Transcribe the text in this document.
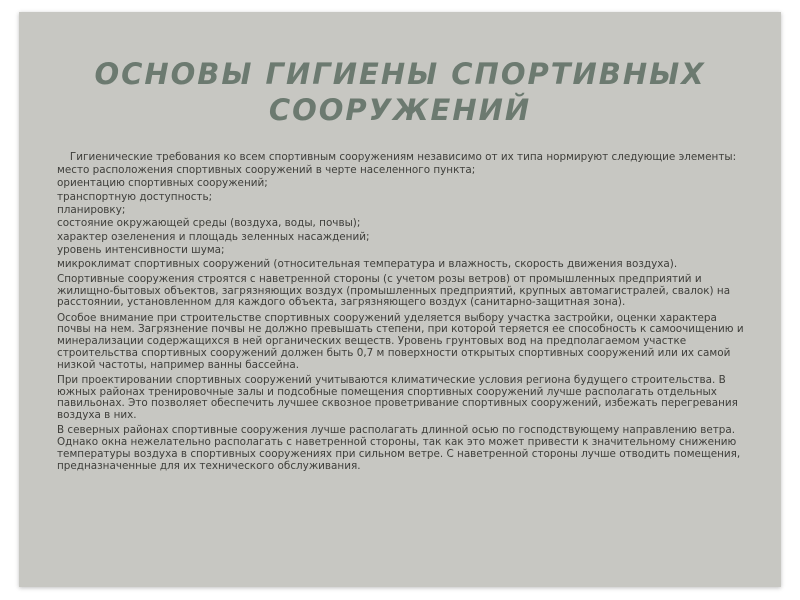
ОСНОВЫ ГИГИЕНЫ СПОРТИВНЫХ СООРУЖЕНИЙ

Гигиенические требования ко всем спортивным сооружениям независимо от их типа нормируют следующие элементы:

место расположения спортивных сооружений в черте населенного пункта;

ориентацию спортивных сооружений;

транспортную доступность;

планировку;

состояние окружающей среды (воздуха, воды, почвы);

характер озеленения и площадь зеленных насаждений;

уровень интенсивности шума;

микроклимат спортивных сооружений (относительная температура и влажность, скорость движения воздуха).

Спортивные сооружения строятся с наветренной стороны (с учетом розы ветров) от промышленных предприятий и жилищно-бытовых объектов, загрязняющих воздух (промышленных предприятий, крупных автомагистралей, свалок) на расстоянии, установленном для каждого объекта, загрязняющего воздух (санитарно-защитная зона).

Особое внимание при строительстве спортивных сооружений уделяется выбору участка застройки, оценки характера почвы на нем. Загрязнение почвы не должно превышать степени, при которой теряется ее способность к самоочищению и минерализации содержащихся в ней органических веществ. Уровень грунтовых вод на предполагаемом участке строительства спортивных сооружений должен быть 0,7 м поверхности открытых спортивных сооружений или их самой низкой частоты, например ванны бассейна.

При проектировании спортивных сооружений учитываются климатические условия региона будущего строительства. В южных районах тренировочные залы и подсобные помещения спортивных сооружений лучше располагать отдельных павильонах. Это позволяет обеспечить лучшее сквозное проветривание спортивных сооружений, избежать перегревания воздуха в них.

В северных районах спортивные сооружения лучше располагать длинной осью по господствующему направлению ветра. Однако окна нежелательно располагать с наветренной стороны, так как это может привести к значительному снижению температуры воздуха в спортивных сооружениях при сильном ветре. С наветренной стороны лучше отводить помещения, предназначенные для их технического обслуживания.
